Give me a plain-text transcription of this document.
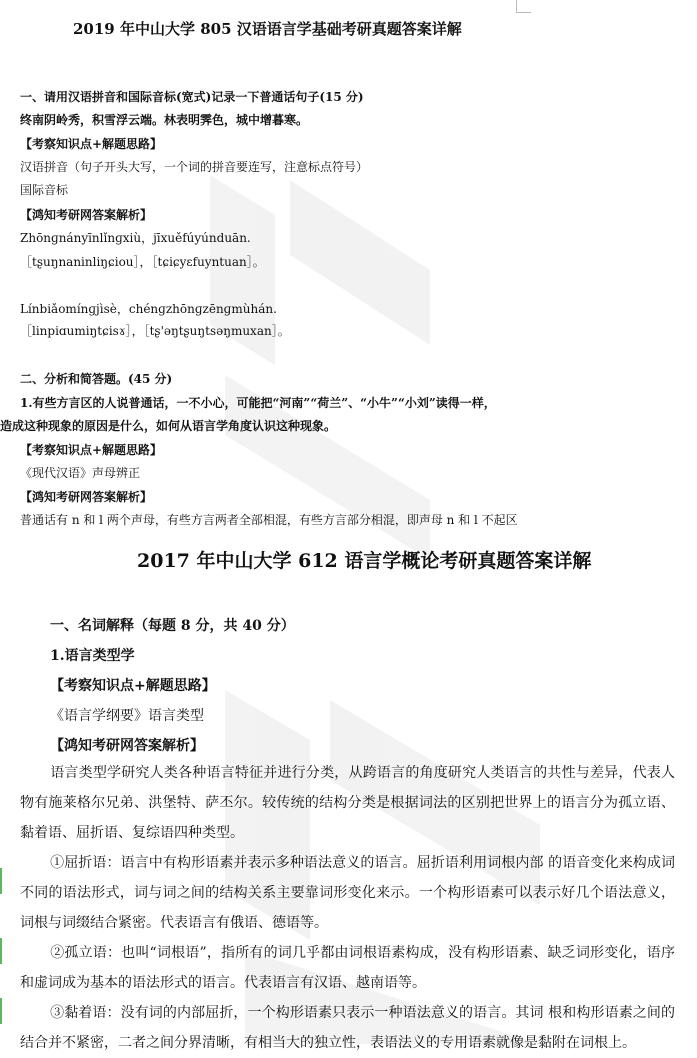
2019 年中山大学 805 汉语语言学基础考研真题答案详解
一、请用汉语拼音和国际音标(宽式)记录一下普通话句子(15 分)
终南阴岭秀，积雪浮云端。林表明霁色，城中增暮寒。
【考察知识点+解题思路】
汉语拼音（句子开头大写，一个词的拼音要连写，注意标点符号）
国际音标
【鸿知考研网答案解析】
Zhōnɡnányīnlǐnɡxiù，jīxuěfúyúnduān.
［tʂuŋnaninliŋɕiou］，［tɕiɕyɛfuyntuan］。
Línbiǎomínɡjìsè，chénɡzhōnɡzēnɡmùhán.
［linpiɑumiŋtɕisɤ］，［tʂ'əŋtʂuŋtsəŋmuxan］。
二、分析和简答题。(45 分)
1.有些方言区的人说普通话，一不小心，可能把“河南”“荷兰”、“小牛”“小刘”读得一样，
造成这种现象的原因是什么，如何从语言学角度认识这种现象。
【考察知识点+解题思路】
《现代汉语》声母辨正
【鸿知考研网答案解析】
普通话有 n 和 l 两个声母，有些方言两者全部相混，有些方言部分相混，即声母 n 和 l 不起区
2017 年中山大学 612 语言学概论考研真题答案详解
一、名词解释（每题 8 分，共 40 分）
1.语言类型学
【考察知识点+解题思路】
《语言学纲要》语言类型
【鸿知考研网答案解析】
语言类型学研究人类各种语言特征并进行分类，从跨语言的角度研究人类语言的共性与差异，代表人物有施莱格尔兄弟、洪堡特、萨丕尔。较传统的结构分类是根据词法的区别把世界上的语言分为孤立语、黏着语、屈折语、复综语四种类型。
①屈折语：语言中有构形语素并表示多种语法意义的语言。屈折语利用词根内部 的语音变化来构成词不同的语法形式，词与词之间的结构关系主要靠词形变化来示。一个构形语素可以表示好几个语法意义，词根与词缀结合紧密。代表语言有俄语、德语等。
②孤立语：也叫“词根语”，指所有的词几乎都由词根语素构成，没有构形语素、缺乏词形变化，语序和虚词成为基本的语法形式的语言。代表语言有汉语、越南语等。
③黏着语：没有词的内部屈折，一个构形语素只表示一种语法意义的语言。其词 根和构形语素之间的结合并不紧密，二者之间分界清晰，有相当大的独立性，表语法义的专用语素就像是黏附在词根上。
